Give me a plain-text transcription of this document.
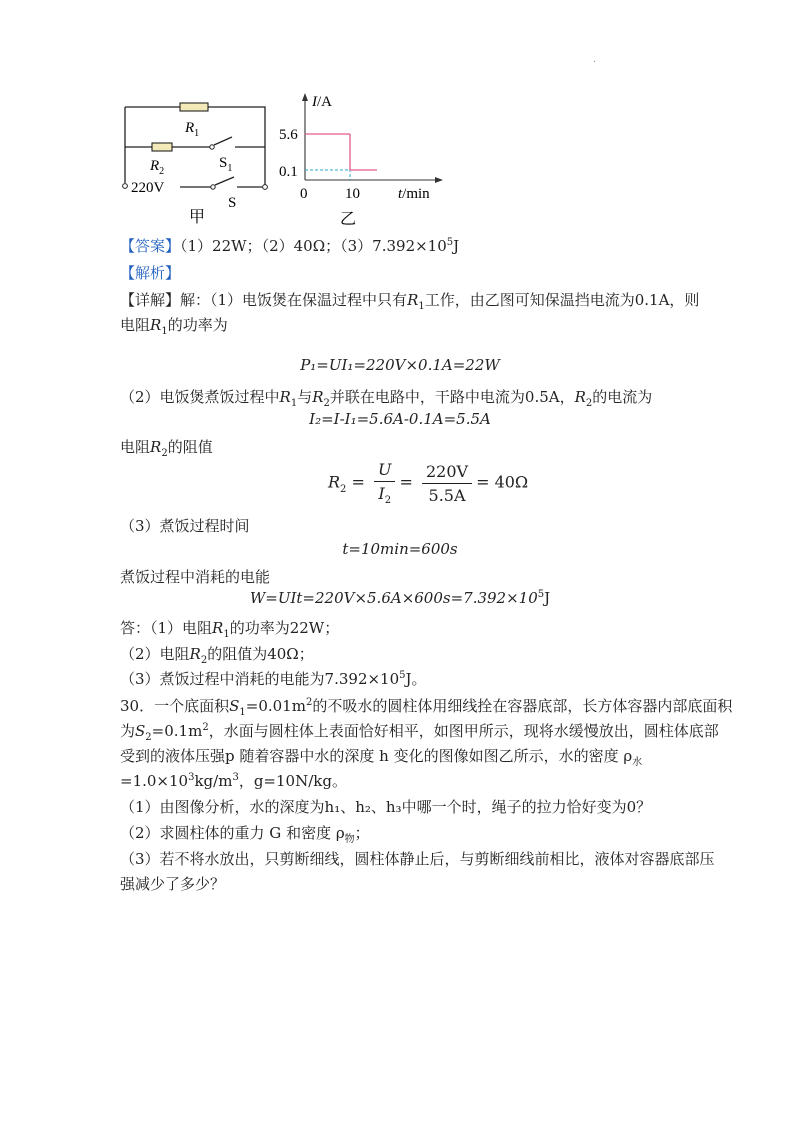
.
$R_1$
$R_2$
$S_1$
220V
S
甲
I/A
5.6
0.1
0	10	t/min
乙
【答案】（1）22W；（2）40Ω；$(3)7.392\times 10^5J$
【解析】
【详解】解：（1）电饭煲在保温过程中只有$R_1$工作，由乙图可知保温挡电流为0.1A，则
电阻$R_1$的功率为
P₁=UI₁=220V×0.1A=22W
（2）电饭煲煮饭过程中$R_1$与$R_2$并联在电路中，干路中电流为0.5A，$R_2$的电流为
I₂=I-I₁=5.6A-0.1A=5.5A
电阻$R_2$的阻值
$R_2 = \frac{U}{I_2} = \frac{220V}{5.5A} = 40\Omega$
（3）煮饭过程时间
t=10min=600s
煮饭过程中消耗的电能
$W=UIt=220V\times 5.6A\times 600s=7.392\times 10^5J$
答：（1）电阻$R_1$的功率为22W；
（2）电阻$R_2$的阻值为40Ω；
（3）煮饭过程中消耗的电能为$7.392\times 10^5J$。
30．一个底面积$S_1=0.01m^2$的不吸水的圆柱体用细线拴在容器底部，长方体容器内部底面积
为$S_2=0.1m^2$，水面与圆柱体上表面恰好相平，如图甲所示，现将水缓慢放出，圆柱体底部
受到的液体压强p 随着容器中水的深度 h 变化的图像如图乙所示，水的密度 $\rho_水$
$=1.0\times 10^3kg/m^3$，g=10N/kg。
（1）由图像分析，水的深度为h₁、h₂、h₃中哪一个时，绳子的拉力恰好变为0？
（2）求圆柱体的重力 G 和密度 $\rho_物$；
（3）若不将水放出，只剪断细线，圆柱体静止后，与剪断细线前相比，液体对容器底部压
强减少了多少？
